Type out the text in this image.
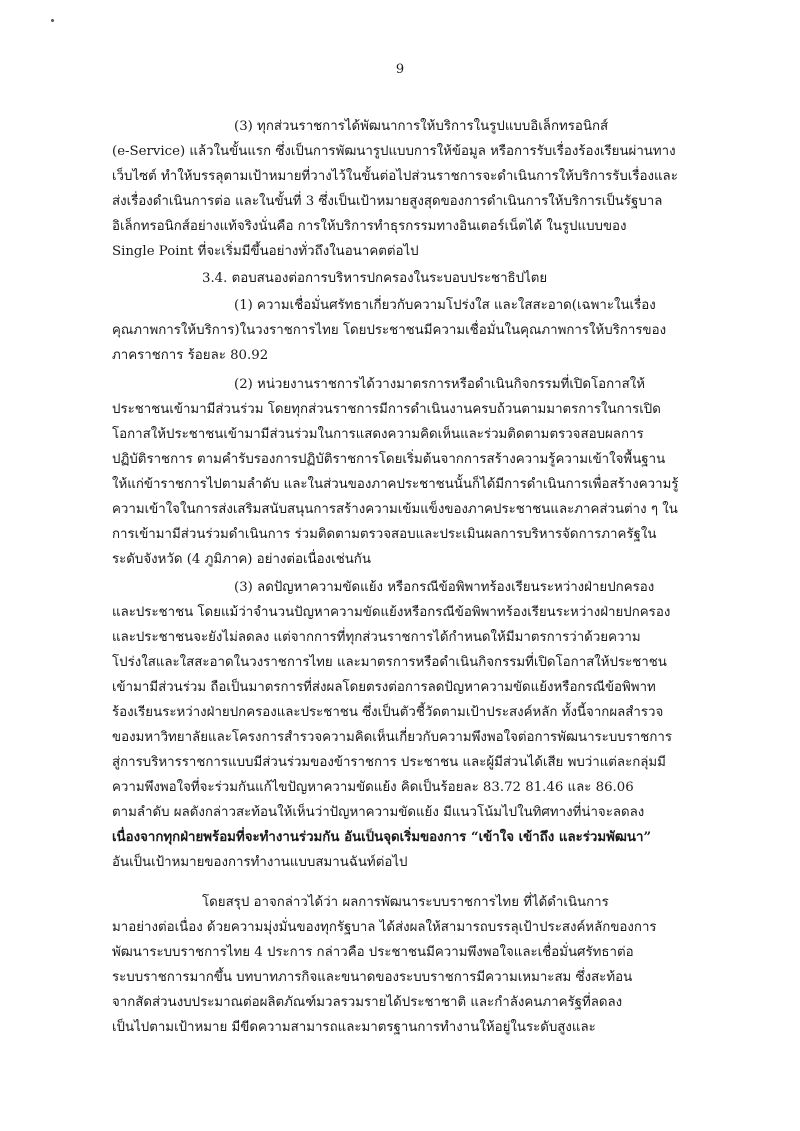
9
(3) ทุกส่วนราชการได้พัฒนาการให้บริการในรูปแบบอิเล็กทรอนิกส์
(e-Service) แล้วในขั้นแรก ซึ่งเป็นการพัฒนารูปแบบการให้ข้อมูล หรือการรับเรื่องร้องเรียนผ่านทาง
เว็บไซต์ ทำให้บรรลุตามเป้าหมายที่วางไว้ในขั้นต่อไปส่วนราชการจะดำเนินการให้บริการรับเรื่องและ
ส่งเรื่องดำเนินการต่อ และในขั้นที่ 3 ซึ่งเป็นเป้าหมายสูงสุดของการดำเนินการให้บริการเป็นรัฐบาล
อิเล็กทรอนิกส์อย่างแท้จริงนั่นคือ การให้บริการทำธุรกรรมทางอินเตอร์เน็ตได้ ในรูปแบบของ
Single Point ที่จะเริ่มมีขึ้นอย่างทั่วถึงในอนาคตต่อไป
3.4. ตอบสนองต่อการบริหารปกครองในระบอบประชาธิปไตย
(1) ความเชื่อมั่นศรัทธาเกี่ยวกับความโปร่งใส และใสสะอาด(เฉพาะในเรื่อง
คุณภาพการให้บริการ)ในวงราชการไทย โดยประชาชนมีความเชื่อมั่นในคุณภาพการให้บริการของ
ภาคราชการ ร้อยละ 80.92
(2) หน่วยงานราชการได้วางมาตรการหรือดำเนินกิจกรรมที่เปิดโอกาสให้
ประชาชนเข้ามามีส่วนร่วม โดยทุกส่วนราชการมีการดำเนินงานครบถ้วนตามมาตรการในการเปิด
โอกาสให้ประชาชนเข้ามามีส่วนร่วมในการแสดงความคิดเห็นและร่วมติดตามตรวจสอบผลการ
ปฏิบัติราชการ ตามคำรับรองการปฏิบัติราชการโดยเริ่มต้นจากการสร้างความรู้ความเข้าใจพื้นฐาน
ให้แก่ข้าราชการไปตามลำดับ และในส่วนของภาคประชาชนนั้นก็ได้มีการดำเนินการเพื่อสร้างความรู้
ความเข้าใจในการส่งเสริมสนับสนุนการสร้างความเข้มแข็งของภาคประชาชนและภาคส่วนต่าง ๆ ใน
การเข้ามามีส่วนร่วมดำเนินการ ร่วมติดตามตรวจสอบและประเมินผลการบริหารจัดการภาครัฐใน
ระดับจังหวัด (4 ภูมิภาค) อย่างต่อเนื่องเช่นกัน
(3) ลดปัญหาความขัดแย้ง หรือกรณีข้อพิพาทร้องเรียนระหว่างฝ่ายปกครอง
และประชาชน โดยแม้ว่าจำนวนปัญหาความขัดแย้งหรือกรณีข้อพิพาทร้องเรียนระหว่างฝ่ายปกครอง
และประชาชนจะยังไม่ลดลง แต่จากการที่ทุกส่วนราชการได้กำหนดให้มีมาตรการว่าด้วยความ
โปร่งใสและใสสะอาดในวงราชการไทย และมาตรการหรือดำเนินกิจกรรมที่เปิดโอกาสให้ประชาชน
เข้ามามีส่วนร่วม ถือเป็นมาตรการที่ส่งผลโดยตรงต่อการลดปัญหาความขัดแย้งหรือกรณีข้อพิพาท
ร้องเรียนระหว่างฝ่ายปกครองและประชาชน ซึ่งเป็นตัวชี้วัดตามเป้าประสงค์หลัก ทั้งนี้จากผลสำรวจ
ของมหาวิทยาลัยและโครงการสำรวจความคิดเห็นเกี่ยวกับความพึงพอใจต่อการพัฒนาระบบราชการ
สู่การบริหารราชการแบบมีส่วนร่วมของข้าราชการ ประชาชน และผู้มีส่วนได้เสีย พบว่าแต่ละกลุ่มมี
ความพึงพอใจที่จะร่วมกันแก้ไขปัญหาความขัดแย้ง คิดเป็นร้อยละ 83.72 81.46 และ 86.06
ตามลำดับ ผลดังกล่าวสะท้อนให้เห็นว่าปัญหาความขัดแย้ง มีแนวโน้มไปในทิศทางที่น่าจะลดลง
เนื่องจากทุกฝ่ายพร้อมที่จะทำงานร่วมกัน อันเป็นจุดเริ่มของการ “เข้าใจ เข้าถึง และร่วมพัฒนา”
อันเป็นเป้าหมายของการทำงานแบบสมานฉันท์ต่อไป
โดยสรุป อาจกล่าวได้ว่า ผลการพัฒนาระบบราชการไทย ที่ได้ดำเนินการ
มาอย่างต่อเนื่อง ด้วยความมุ่งมั่นของทุกรัฐบาล ได้ส่งผลให้สามารถบรรลุเป้าประสงค์หลักของการ
พัฒนาระบบราชการไทย 4 ประการ กล่าวคือ ประชาชนมีความพึงพอใจและเชื่อมั่นศรัทธาต่อ
ระบบราชการมากขึ้น บทบาทภารกิจและขนาดของระบบราชการมีความเหมาะสม ซึ่งสะท้อน
จากสัดส่วนงบประมาณต่อผลิตภัณฑ์มวลรวมรายได้ประชาชาติ และกำลังคนภาครัฐที่ลดลง
เป็นไปตามเป้าหมาย มีขีดความสามารถและมาตรฐานการทำงานให้อยู่ในระดับสูงและ
